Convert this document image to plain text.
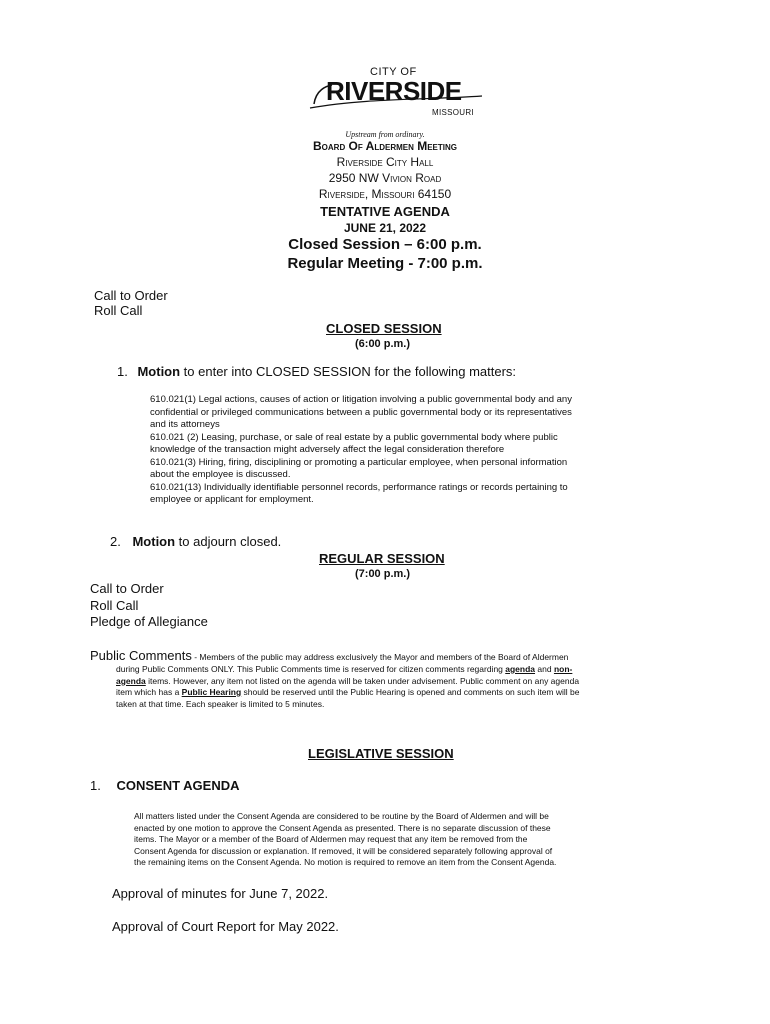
CITY OF
RIVERSIDE
MISSOURI
Upstream from ordinary.
Board Of Aldermen Meeting
Riverside City Hall
2950 NW Vivion Road
Riverside, Missouri 64150
TENTATIVE AGENDA
JUNE 21, 2022
Closed Session – 6:00 p.m.
Regular Meeting - 7:00 p.m.
Call to Order
Roll Call
CLOSED SESSION
(6:00 p.m.)
1. Motion to enter into CLOSED SESSION for the following matters:
610.021(1) Legal actions, causes of action or litigation involving a public governmental body and any
confidential or privileged communications between a public governmental body or its representatives
and its attorneys
610.021 (2) Leasing, purchase, or sale of real estate by a public governmental body where public
knowledge of the transaction might adversely affect the legal consideration therefore
610.021(3) Hiring, firing, disciplining or promoting a particular employee, when personal information
about the employee is discussed.
610.021(13) Individually identifiable personnel records, performance ratings or records pertaining to
employee or applicant for employment.
2. Motion to adjourn closed.
REGULAR SESSION
(7:00 p.m.)
Call to Order
Roll Call
Pledge of Allegiance
Public Comments - Members of the public may address exclusively the Mayor and members of the Board of Aldermen
during Public Comments ONLY. This Public Comments time is reserved for citizen comments regarding agenda and non-
agenda items. However, any item not listed on the agenda will be taken under advisement. Public comment on any agenda
item which has a Public Hearing should be reserved until the Public Hearing is opened and comments on such item will be
taken at that time. Each speaker is limited to 5 minutes.
LEGISLATIVE SESSION
1. CONSENT AGENDA
All matters listed under the Consent Agenda are considered to be routine by the Board of Aldermen and will be
enacted by one motion to approve the Consent Agenda as presented. There is no separate discussion of these
items. The Mayor or a member of the Board of Aldermen may request that any item be removed from the
Consent Agenda for discussion or explanation. If removed, it will be considered separately following approval of
the remaining items on the Consent Agenda. No motion is required to remove an item from the Consent Agenda.
Approval of minutes for June 7, 2022.
Approval of Court Report for May 2022.
